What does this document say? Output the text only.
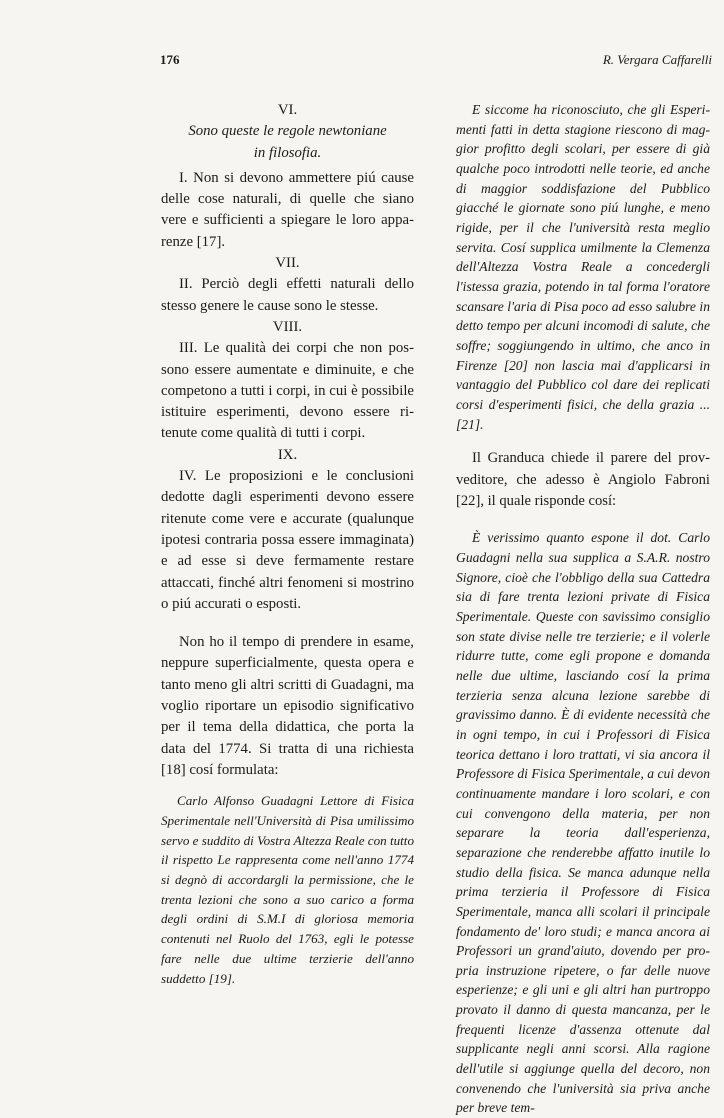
176	R. Vergara Caffarelli

VI.

Sono queste le regole newtoniane
in filosofia.

I. Non si devono ammettere piú cause delle cose naturali, di quelle che siano vere e sufficienti a spiegare le loro apparenze [17].

VII.

II. Perciò degli effetti naturali dello stesso genere le cause sono le stesse.

VIII.

III. Le qualità dei corpi che non possono essere aumentate e diminuite, e che competono a tutti i corpi, in cui è possibile istituire esperimenti, devono essere ritenute come qualità di tutti i corpi.

IX.

IV. Le proposizioni e le conclusioni dedotte dagli esperimenti devono essere ritenute come vere e accurate (qualunque ipotesi contraria possa essere immaginata) e ad esse si deve fermamente restare attaccati, finché altri fenomeni si mostrino o piú accurati o esposti.

Non ho il tempo di prendere in esame, neppure superficialmente, questa opera e tanto meno gli altri scritti di Guadagni, ma voglio riportare un episodio significativo per il tema della didattica, che porta la data del 1774. Si tratta di una richiesta [18] cosí formulata:

Carlo Alfonso Guadagni Lettore di Fisica Sperimentale nell'Università di Pisa umilissimo servo e suddito di Vostra Altezza Reale con tutto il rispetto Le rappresenta come nell'anno 1774 si degnò di accordargli la permissione, che le trenta lezioni che sono a suo carico a forma degli ordini di S.M.I di gloriosa memoria contenuti nel Ruolo del 1763, egli le potesse fare nelle due ultime terzierie dell'anno suddetto [19].

E siccome ha riconosciuto, che gli Esperimenti fatti in detta stagione riescono di maggior profitto degli scolari, per essere di già qualche poco introdotti nelle teorie, ed anche di maggior soddisfazione del Pubblico giacché le giornate sono piú lunghe, e meno rigide, per il che l'università resta meglio servita. Cosí supplica umilmente la Clemenza dell'Altezza Vostra Reale a concedergli l'istessa grazia, potendo in tal forma l'oratore scansare l'aria di Pisa poco ad esso salubre in detto tempo per alcuni incomodi di salute, che soffre; soggiungendo in ultimo, che anco in Firenze [20] non lascia mai d'applicarsi in vantaggio del Pubblico col dare dei replicati corsi d'esperimenti fisici, che della grazia ... [21].

Il Granduca chiede il parere del provveditore, che adesso è Angiolo Fabroni [22], il quale risponde cosí:

È verissimo quanto espone il dot. Carlo Guadagni nella sua supplica a S.A.R. nostro Signore, cioè che l'obbligo della sua Cattedra sia di fare trenta lezioni private di Fisica Sperimentale. Queste con savissimo consiglio son state divise nelle tre terzierie; e il volerle ridurre tutte, come egli propone e domanda nelle due ultime, lasciando cosí la prima terzieria senza alcuna lezione sarebbe di gravissimo danno. È di evidente necessità che in ogni tempo, in cui i Professori di Fisica teorica dettano i loro trattati, vi sia ancora il Professore di Fisica Sperimentale, a cui devon continuamente mandare i loro scolari, e con cui convengono della materia, per non separare la teoria dall'esperienza, separazione che renderebbe affatto inutile lo studio della fisica. Se manca adunque nella prima terzieria il Professore di Fisica Sperimentale, manca alli scolari il principale fondamento de' loro studi; e manca ancora ai Professori un grand'aiuto, dovendo per propria instruzione ripetere, o far delle nuove esperienze; e gli uni e gli altri han purtroppo provato il danno di questa mancanza, per le frequenti licenze d'assenza ottenute dal supplicante negli anni scorsi. Alla ragione dell'utile si aggiunge quella del decoro, non convenendo che l'università sia priva anche per breve tem-
